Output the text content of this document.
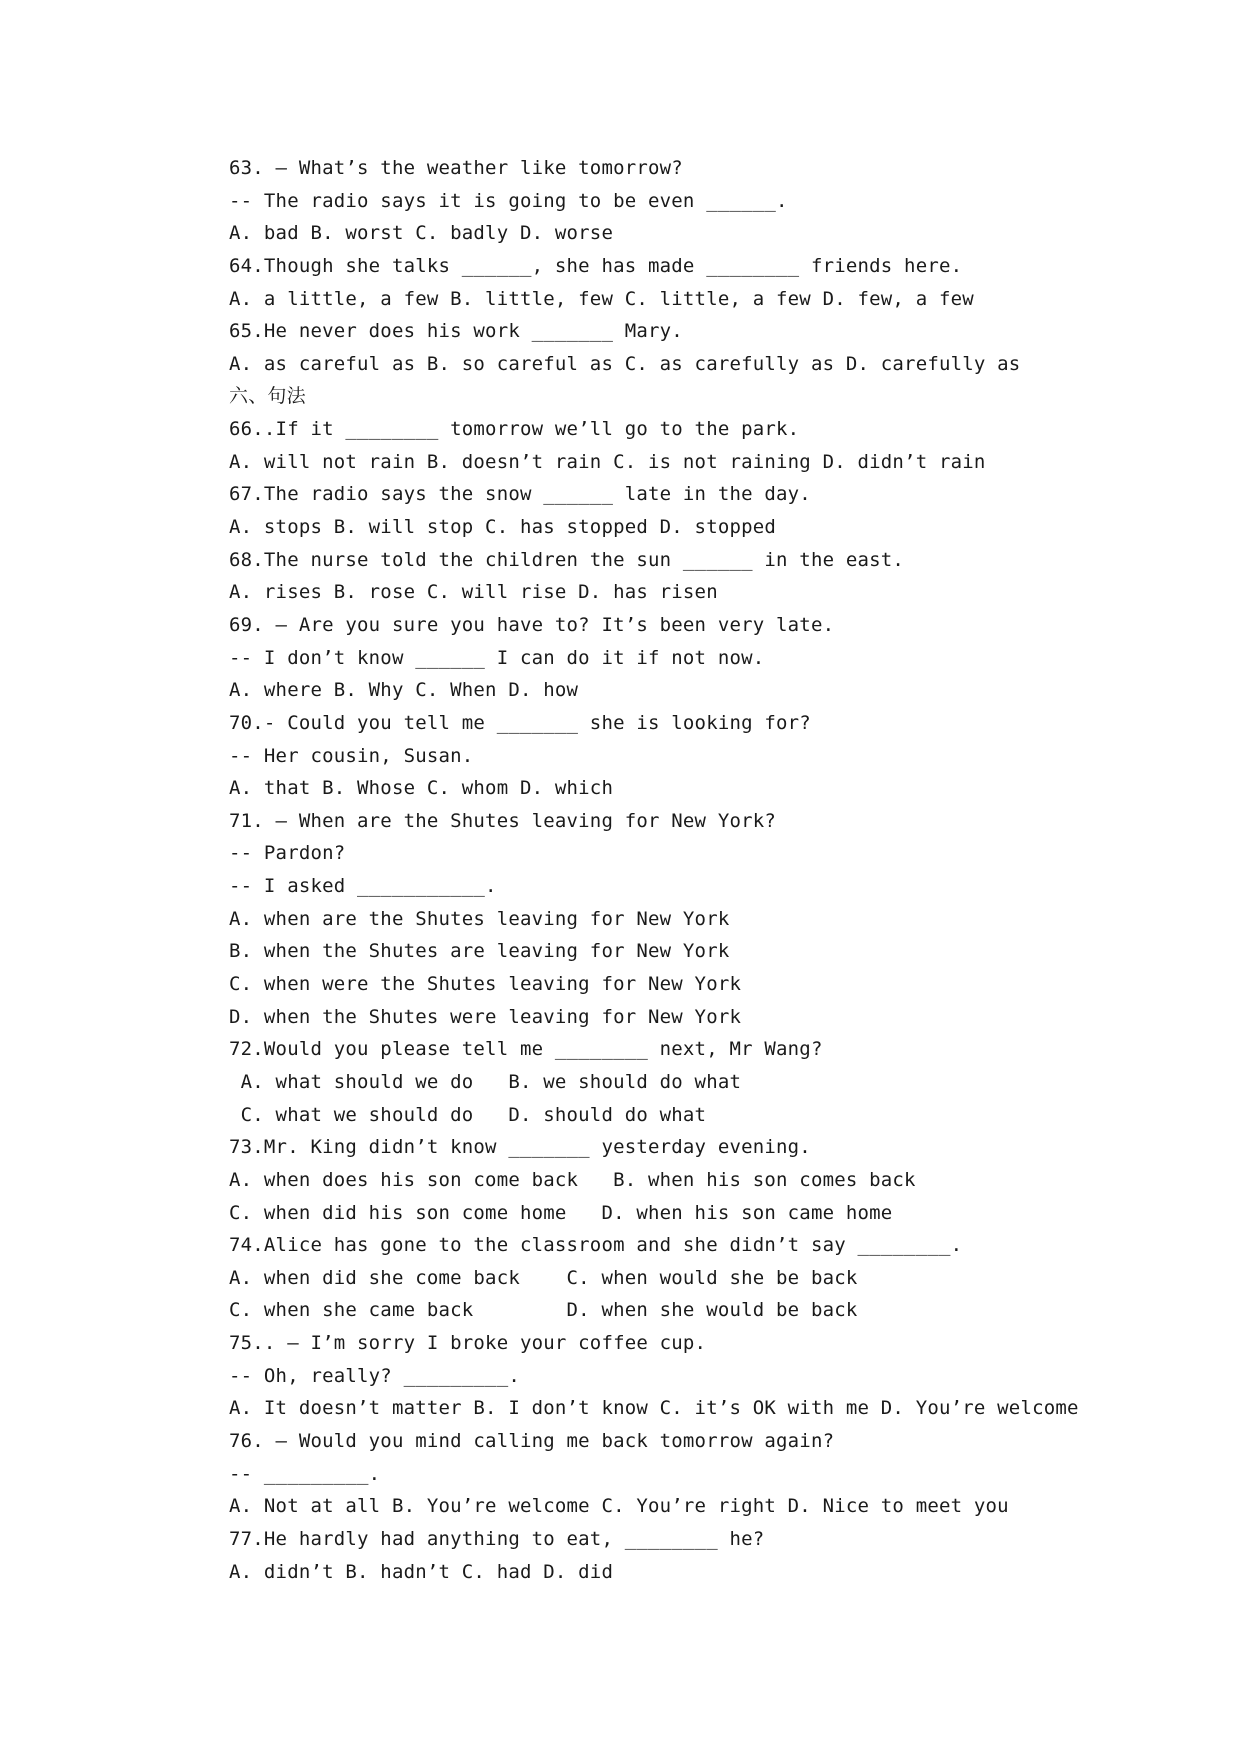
63. – What’s the weather like tomorrow?
-- The radio says it is going to be even ______.
A. bad B. worst C. badly D. worse
64.Though she talks ______, she has made ________ friends here.
A. a little, a few B. little, few C. little, a few D. few, a few
65.He never does his work _______ Mary.
A. as careful as B. so careful as C. as carefully as D. carefully as
六、句法
66..If it ________ tomorrow we’ll go to the park.
A. will not rain B. doesn’t rain C. is not raining D. didn’t rain
67.The radio says the snow ______ late in the day.
A. stops B. will stop C. has stopped D. stopped
68.The nurse told the children the sun ______ in the east.
A. rises B. rose C. will rise D. has risen
69. – Are you sure you have to? It’s been very late.
-- I don’t know ______ I can do it if not now.
A. where B. Why C. When D. how
70.- Could you tell me _______ she is looking for?
-- Her cousin, Susan.
A. that B. Whose C. whom D. which
71. – When are the Shutes leaving for New York?
-- Pardon?
-- I asked ___________.
A. when are the Shutes leaving for New York
B. when the Shutes are leaving for New York
C. when were the Shutes leaving for New York
D. when the Shutes were leaving for New York
72.Would you please tell me ________ next, Mr Wang?
A. what should we do   B. we should do what
C. what we should do   D. should do what
73.Mr. King didn’t know _______ yesterday evening.
A. when does his son come back   B. when his son comes back
C. when did his son come home   D. when his son came home
74.Alice has gone to the classroom and she didn’t say ________.
A. when did she come back    C. when would she be back
C. when she came back        D. when she would be back
75.. – I’m sorry I broke your coffee cup.
-- Oh, really? _________.
A. It doesn’t matter B. I don’t know C. it’s OK with me D. You’re welcome
76. – Would you mind calling me back tomorrow again?
-- _________.
A. Not at all B. You’re welcome C. You’re right D. Nice to meet you
77.He hardly had anything to eat, ________ he?
A. didn’t B. hadn’t C. had D. did
